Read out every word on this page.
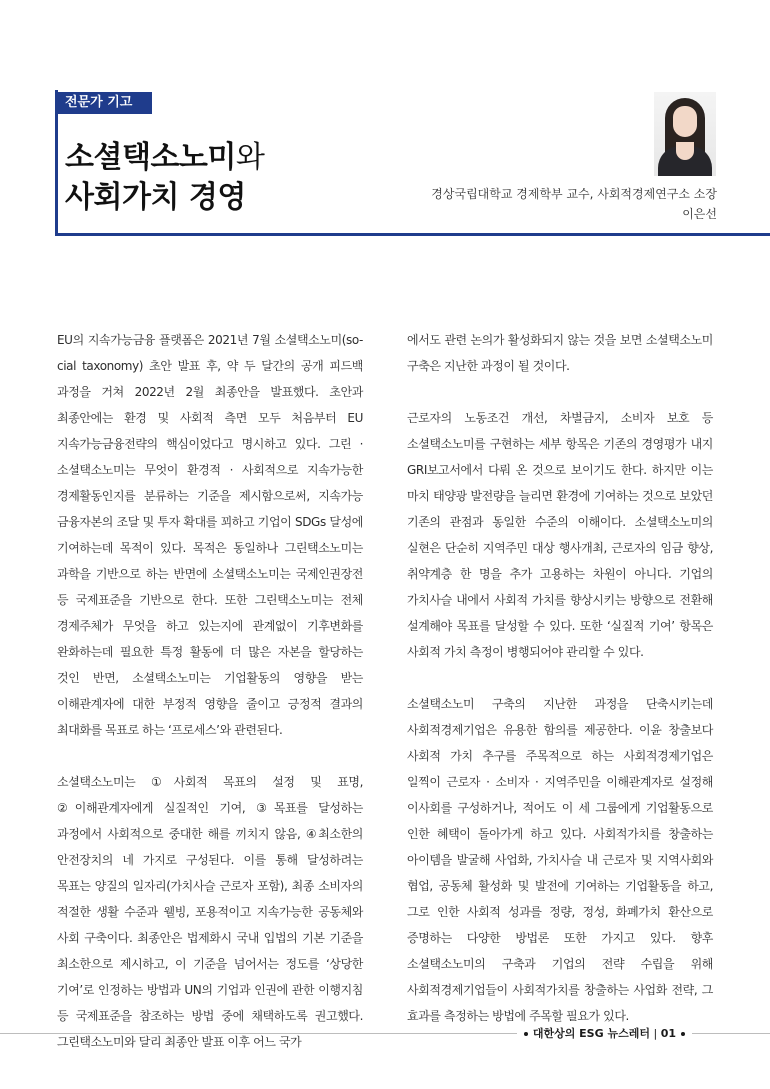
전문가 기고
소셜택소노미와
사회가치 경영	경상국립대학교 경제학부 교수, 사회적경제연구소 소장
이은선

EU의 지속가능금융 플랫폼은 2021년 7월 소셜택소노미(so-cial taxonomy) 초안 발표 후, 약 두 달간의 공개 피드백 과정을 거쳐 2022년 2월 최종안을 발표했다. 초안과 최종안에는 환경 및 사회적 측면 모두 처음부터 EU 지속가능금융전략의 핵심이었다고 명시하고 있다. 그린 · 소셜택소노미는 무엇이 환경적 · 사회적으로 지속가능한 경제활동인지를 분류하는 기준을 제시함으로써, 지속가능 금융자본의 조달 및 투자 확대를 꾀하고 기업이 SDGs 달성에 기여하는데 목적이 있다. 목적은 동일하나 그린택소노미는 과학을 기반으로 하는 반면에 소셜택소노미는 국제인권장전 등 국제표준을 기반으로 한다. 또한 그린택소노미는 전체 경제주체가 무엇을 하고 있는지에 관계없이 기후변화를 완화하는데 필요한 특정 활동에 더 많은 자본을 할당하는 것인 반면, 소셜택소노미는 기업활동의 영향을 받는 이해관계자에 대한 부정적 영향을 줄이고 긍정적 결과의 최대화를 목표로 하는 ‘프로세스’와 관련된다.

소셜택소노미는 ①사회적 목표의 설정 및 표명, ②이해관계자에게 실질적인 기여, ③목표를 달성하는 과정에서 사회적으로 중대한 해를 끼치지 않음, ④최소한의 안전장치의 네 가지로 구성된다. 이를 통해 달성하려는 목표는 양질의 일자리(가치사슬 근로자 포함), 최종 소비자의 적절한 생활 수준과 웰빙, 포용적이고 지속가능한 공동체와 사회 구축이다. 최종안은 법제화시 국내 입법의 기본 기준을 최소한으로 제시하고, 이 기준을 넘어서는 정도를 ‘상당한 기여’로 인정하는 방법과 UN의 기업과 인권에 관한 이행지침 등 국제표준을 참조하는 방법 중에 채택하도록 권고했다. 그린택소노미와 달리 최종안 발표 이후 어느 국가

에서도 관련 논의가 활성화되지 않는 것을 보면 소셜택소노미 구축은 지난한 과정이 될 것이다.

근로자의 노동조건 개선, 차별금지, 소비자 보호 등 소셜택소노미를 구현하는 세부 항목은 기존의 경영평가 내지 GRI보고서에서 다뤄 온 것으로 보이기도 한다. 하지만 이는 마치 태양광 발전량을 늘리면 환경에 기여하는 것으로 보았던 기존의 관점과 동일한 수준의 이해이다. 소셜택소노미의 실현은 단순히 지역주민 대상 행사개최, 근로자의 임금 향상, 취약계층 한 명을 추가 고용하는 차원이 아니다. 기업의 가치사슬 내에서 사회적 가치를 향상시키는 방향으로 전환해 설계해야 목표를 달성할 수 있다. 또한 ‘실질적 기여’ 항목은 사회적 가치 측정이 병행되어야 관리할 수 있다.

소셜택소노미 구축의 지난한 과정을 단축시키는데 사회적경제기업은 유용한 함의를 제공한다. 이윤 창출보다 사회적 가치 추구를 주목적으로 하는 사회적경제기업은 일찍이 근로자 · 소비자 · 지역주민을 이해관계자로 설정해 이사회를 구성하거나, 적어도 이 세 그룹에게 기업활동으로 인한 혜택이 돌아가게 하고 있다. 사회적가치를 창출하는 아이템을 발굴해 사업화, 가치사슬 내 근로자 및 지역사회와 협업, 공동체 활성화 및 발전에 기여하는 기업활동을 하고, 그로 인한 사회적 성과를 정량, 정성, 화폐가치 환산으로 증명하는 다양한 방법론 또한 가지고 있다. 향후 소셜택소노미의 구축과 기업의 전략 수립을 위해 사회적경제기업들이 사회적가치를 창출하는 사업화 전략, 그 효과를 측정하는 방법에 주목할 필요가 있다.

대한상의 ESG 뉴스레터 | 01
